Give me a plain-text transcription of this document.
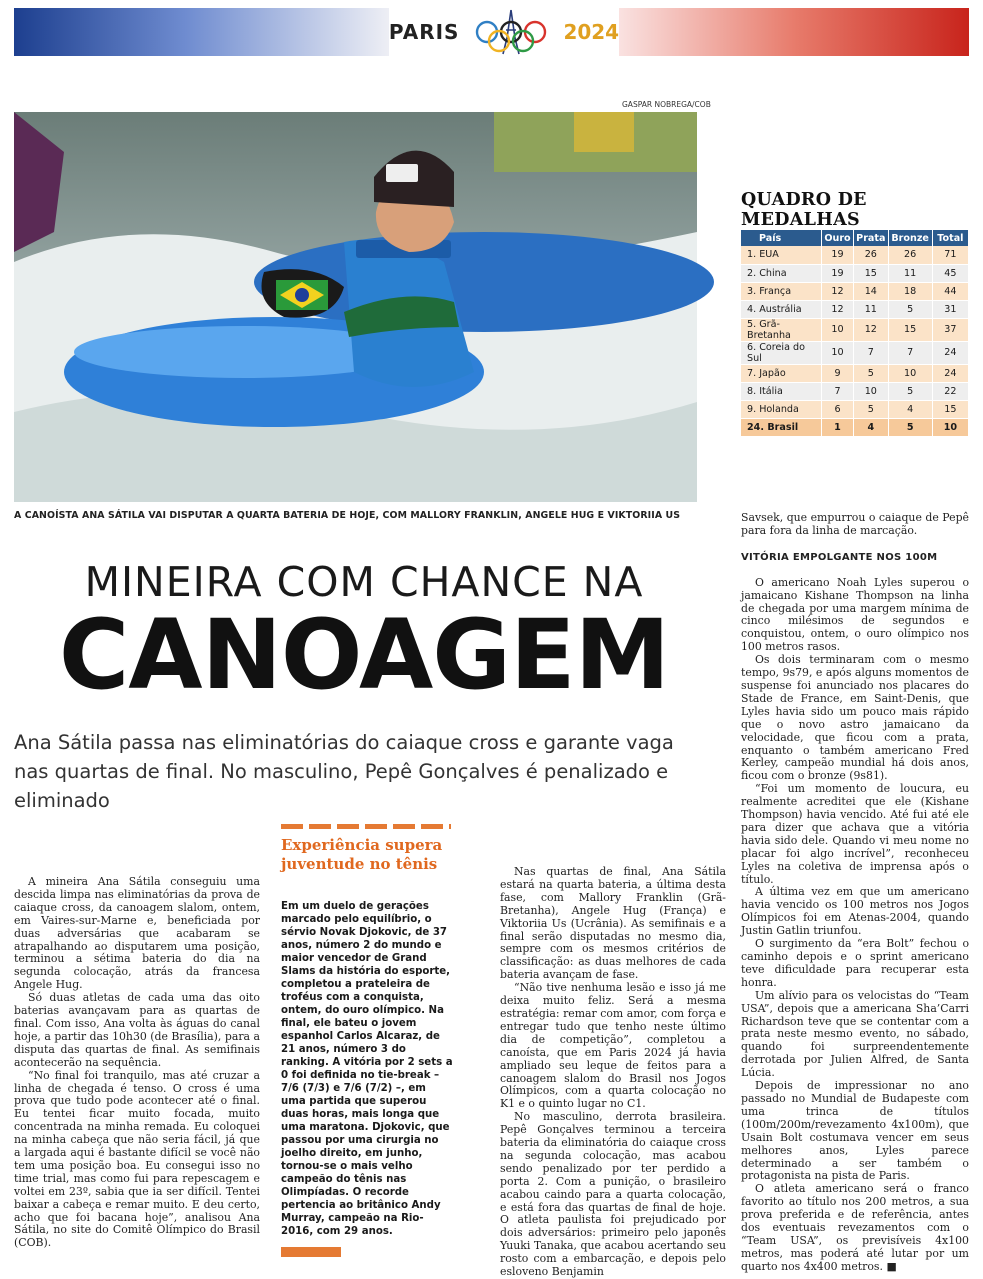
PARIS	2024
GASPAR NOBREGA/COB
A CANOÍSTA ANA SÁTILA VAI DISPUTAR A QUARTA BATERIA DE HOJE, COM MALLORY FRANKLIN, ANGELE HUG E VIKTORIIA US
QUADRO DE MEDALHAS
País	Ouro	Prata	Bronze	Total
1. EUA	19	26	26	71
2. China	19	15	11	45
3. França	12	14	18	44
4. Austrália	12	11	5	31
5. Grã-Bretanha	10	12	15	37
6. Coreia do Sul	10	7	7	24
7. Japão	9	5	10	24
8. Itália	7	10	5	22
9. Holanda	6	5	4	15
24. Brasil	1	4	5	10
MINEIRA COM CHANCE NA
CANOAGEM
Ana Sátila passa nas eliminatórias do caiaque cross e garante vaga nas quartas de final. No masculino, Pepê Gonçalves é penalizado e eliminado

A mineira Ana Sátila conseguiu uma descida limpa nas eliminatórias da prova de caiaque cross, da canoagem slalom, ontem, em Vaires-sur-Marne e, beneficiada por duas adversárias que acabaram se atrapalhando ao disputarem uma posição, terminou a sétima bateria do dia na segunda colocação, atrás da francesa Angele Hug.

Só duas atletas de cada uma das oito baterias avançavam para as quartas de final. Com isso, Ana volta às águas do canal hoje, a partir das 10h30 (de Brasília), para a disputa das quartas de final. As semifinais acontecerão na sequência.

“No final foi tranquilo, mas até cruzar a linha de chegada é tenso. O cross é uma prova que tudo pode acontecer até o final. Eu tentei ficar muito focada, muito concentrada na minha remada. Eu coloquei na minha cabeça que não seria fácil, já que a largada aqui é bastante difícil se você não tem uma posição boa. Eu consegui isso no time trial, mas como fui para repescagem e voltei em 23º, sabia que ia ser difícil. Tentei baixar a cabeça e remar muito. E deu certo, acho que foi bacana hoje”, analisou Ana Sátila, no site do Comitê Olímpico do Brasil (COB).

Experiência supera juventude no tênis
Em um duelo de gerações marcado pelo equilíbrio, o sérvio Novak Djokovic, de 37 anos, número 2 do mundo e maior vencedor de Grand Slams da história do esporte, completou a prateleira de troféus com a conquista, ontem, do ouro olímpico. Na final, ele bateu o jovem espanhol Carlos Alcaraz, de 21 anos, número 3 do ranking. A vitória por 2 sets a 0 foi definida no tie-break – 7/6 (7/3) e 7/6 (7/2) –, em uma partida que superou duas horas, mais longa que uma maratona. Djokovic, que passou por uma cirurgia no joelho direito, em junho, tornou-se o mais velho campeão do tênis nas Olimpíadas. O recorde pertencia ao britânico Andy Murray, campeão na Rio-2016, com 29 anos.

Nas quartas de final, Ana Sátila estará na quarta bateria, a última desta fase, com Mallory Franklin (Grã-Bretanha), Angele Hug (França) e Viktoriia Us (Ucrânia). As semifinais e a final serão disputadas no mesmo dia, sempre com os mesmos critérios de classificação: as duas melhores de cada bateria avançam de fase.

“Não tive nenhuma lesão e isso já me deixa muito feliz. Será a mesma estratégia: remar com amor, com força e entregar tudo que tenho neste último dia de competição”, completou a canoísta, que em Paris 2024 já havia ampliado seu leque de feitos para a canoagem slalom do Brasil nos Jogos Olímpicos, com a quarta colocação no K1 e o quinto lugar no C1.

No masculino, derrota brasileira. Pepê Gonçalves terminou a terceira bateria da eliminatória do caiaque cross na segunda colocação, mas acabou sendo penalizado por ter perdido a porta 2. Com a punição, o brasileiro acabou caindo para a quarta colocação, e está fora das quartas de final de hoje. O atleta paulista foi prejudicado por dois adversários: primeiro pelo japonês Yuuki Tanaka, que acabou acertando seu rosto com a embarcação, e depois pelo esloveno Benjamin

Savsek, que empurrou o caiaque de Pepê para fora da linha de marcação.

VITÓRIA EMPOLGANTE NOS 100M

O americano Noah Lyles superou o jamaicano Kishane Thompson na linha de chegada por uma margem mínima de cinco milésimos de segundos e conquistou, ontem, o ouro olímpico nos 100 metros rasos.

Os dois terminaram com o mesmo tempo, 9s79, e após alguns momentos de suspense foi anunciado nos placares do Stade de France, em Saint-Denis, que Lyles havia sido um pouco mais rápido que o novo astro jamaicano da velocidade, que ficou com a prata, enquanto o também americano Fred Kerley, campeão mundial há dois anos, ficou com o bronze (9s81).

“Foi um momento de loucura, eu realmente acreditei que ele (Kishane Thompson) havia vencido. Até fui até ele para dizer que achava que a vitória havia sido dele. Quando vi meu nome no placar foi algo incrível”, reconheceu Lyles na coletiva de imprensa após o título.

A última vez em que um americano havia vencido os 100 metros nos Jogos Olímpicos foi em Atenas-2004, quando Justin Gatlin triunfou.

O surgimento da “era Bolt” fechou o caminho depois e o sprint americano teve dificuldade para recuperar esta honra.

Um alívio para os velocistas do “Team USA”, depois que a americana Sha’Carri Richardson teve que se contentar com a prata neste mesmo evento, no sábado, quando foi surpreendentemente derrotada por Julien Alfred, de Santa Lúcia.

Depois de impressionar no ano passado no Mundial de Budapeste com uma trinca de títulos (100m/200m/revezamento 4x100m), que Usain Bolt costumava vencer em seus melhores anos, Lyles parece determinado a ser também o protagonista na pista de Paris.

O atleta americano será o franco favorito ao título nos 200 metros, a sua prova preferida e de referência, antes dos eventuais revezamentos com o “Team USA”, os previsíveis 4x100 metros, mas poderá até lutar por um quarto nos 4x400 metros. ■
